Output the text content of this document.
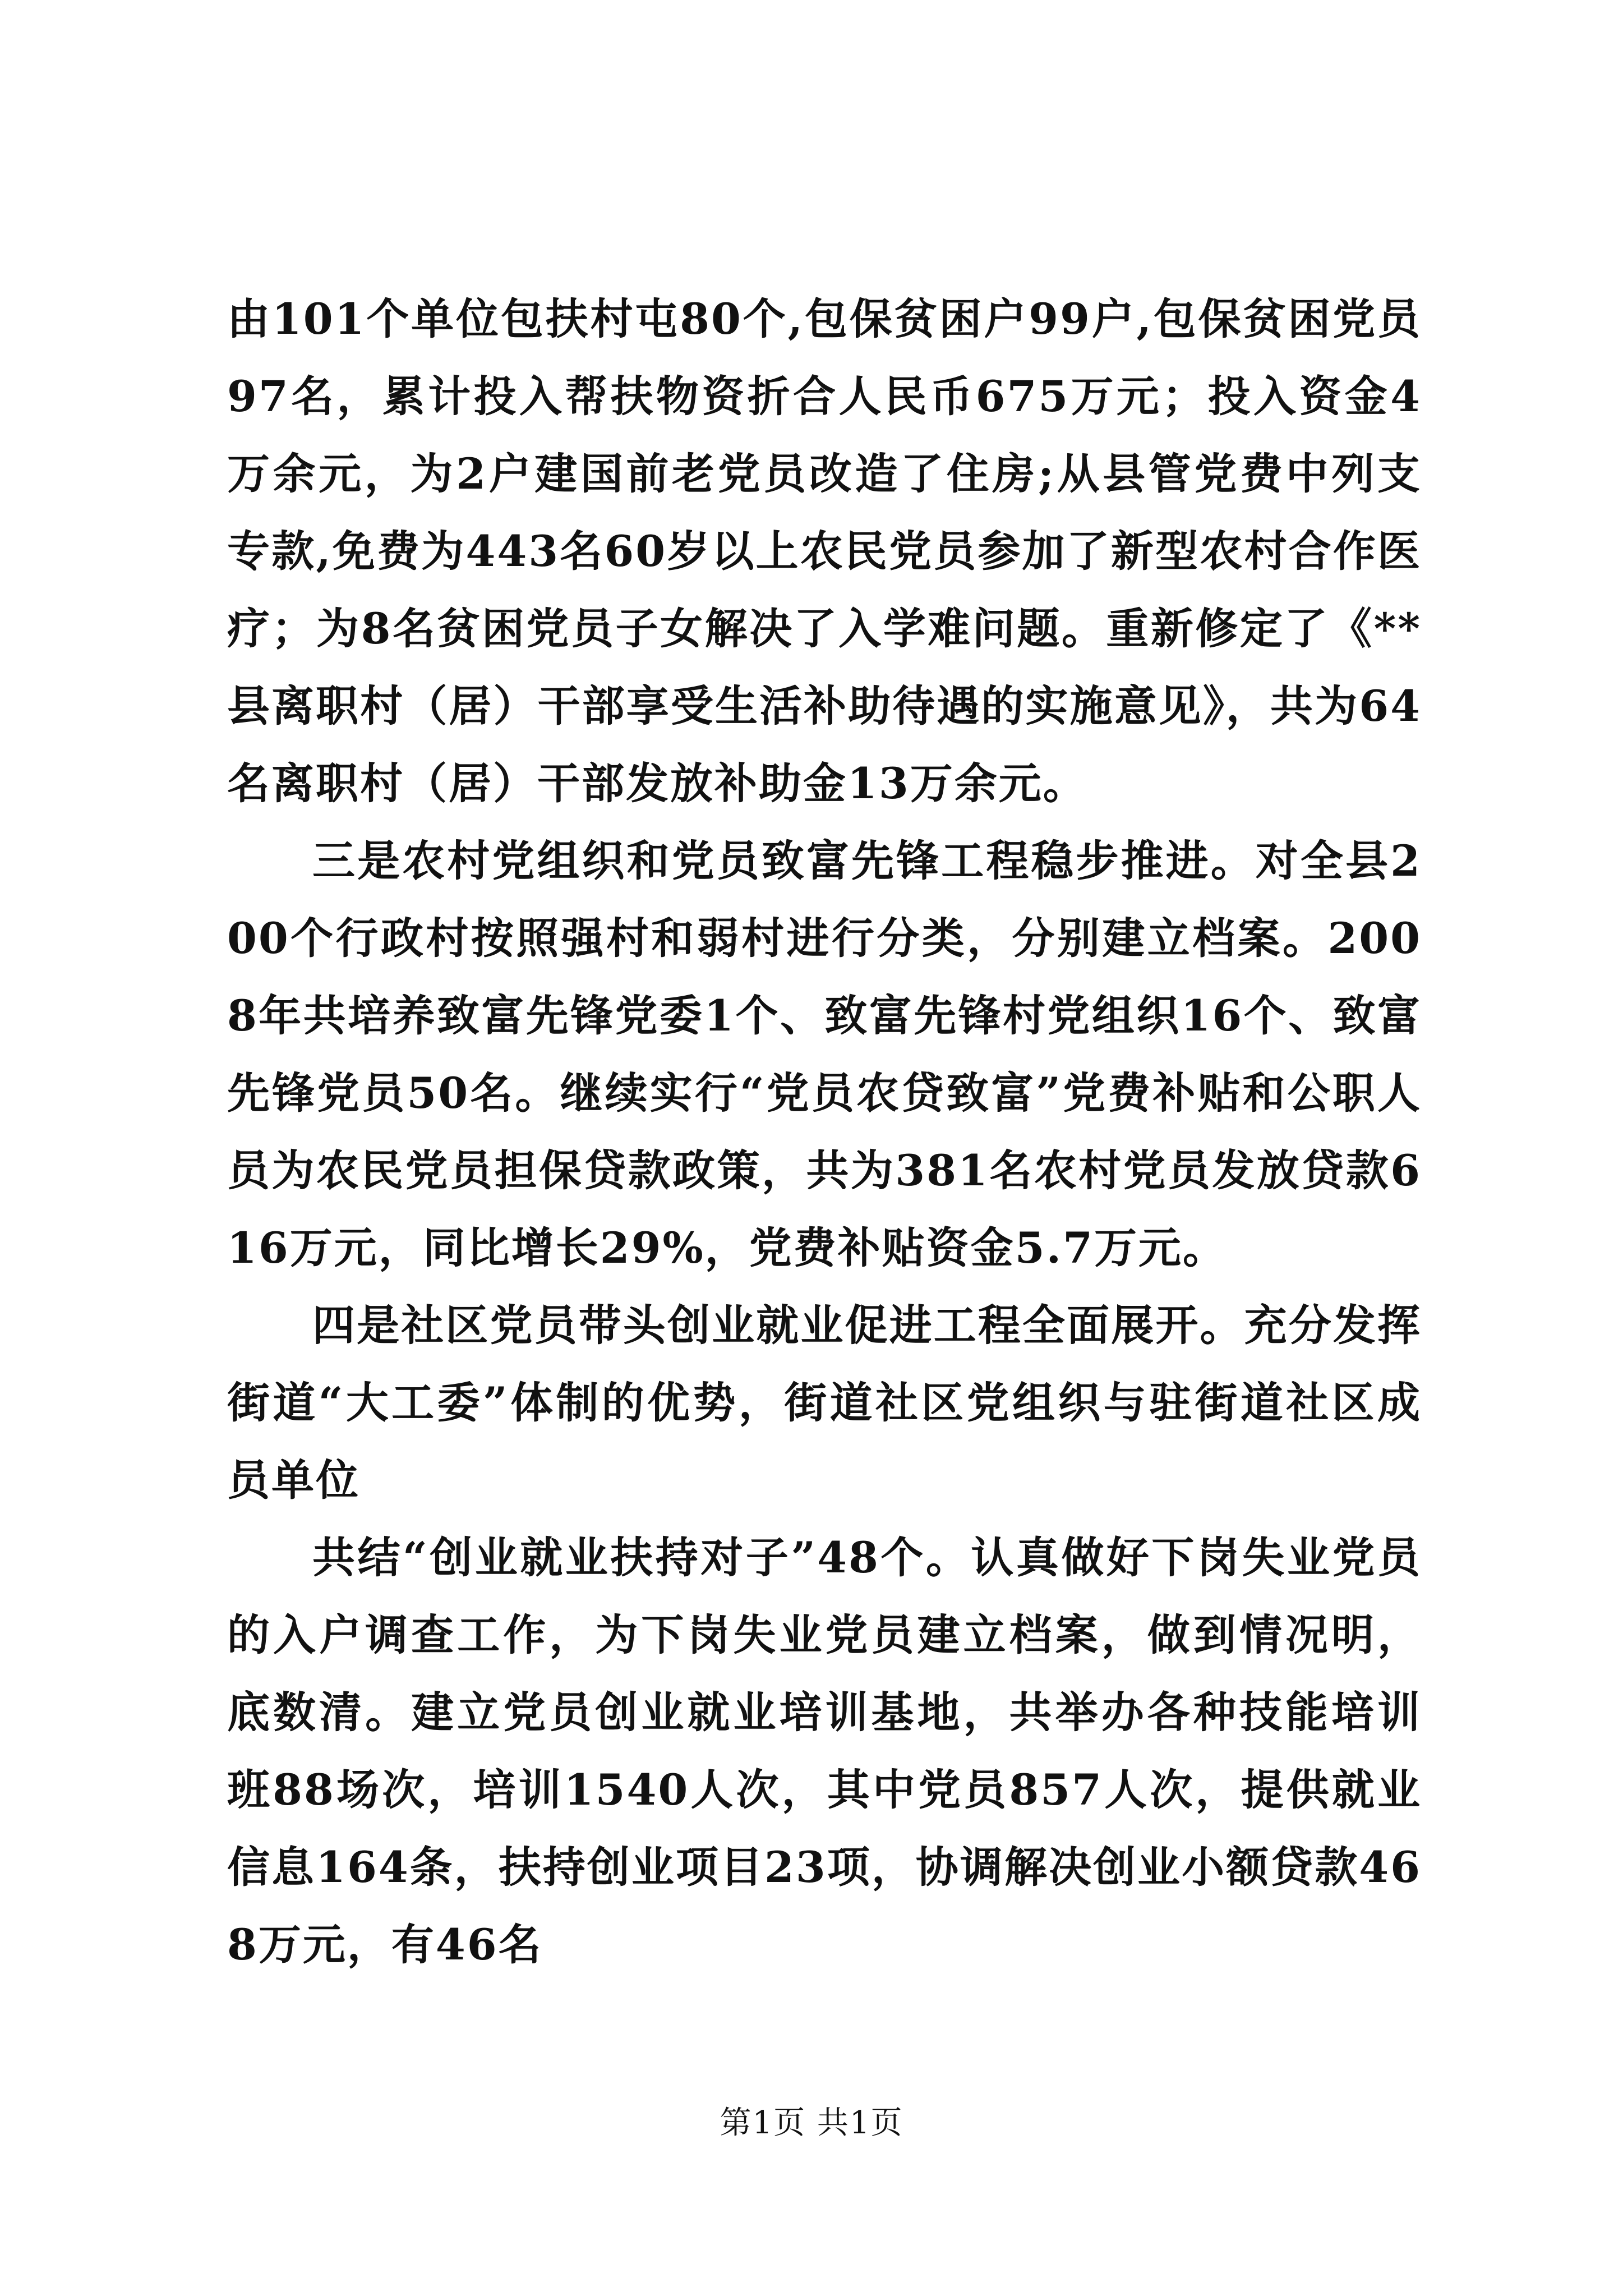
由101个单位包扶村屯80个,包保贫困户99户,包保贫困党员97名，累计投入帮扶物资折合人民币675万元；投入资金4万余元，为2户建国前老党员改造了住房;从县管党费中列支专款,免费为443名60岁以上农民党员参加了新型农村合作医疗；为8名贫困党员子女解决了入学难问题。重新修定了《**县离职村（居）干部享受生活补助待遇的实施意见》，共为64名离职村（居）干部发放补助金13万余元。

三是农村党组织和党员致富先锋工程稳步推进。对全县200个行政村按照强村和弱村进行分类，分别建立档案。2008年共培养致富先锋党委1个、致富先锋村党组织16个、致富先锋党员50名。继续实行“党员农贷致富”党费补贴和公职人员为农民党员担保贷款政策，共为381名农村党员发放贷款616万元，同比增长29%，党费补贴资金5.7万元。

四是社区党员带头创业就业促进工程全面展开。充分发挥街道“大工委”体制的优势，街道社区党组织与驻街道社区成员单位

共结“创业就业扶持对子”48个。认真做好下岗失业党员的入户调查工作，为下岗失业党员建立档案，做到情况明，底数清。建立党员创业就业培训基地，共举办各种技能培训班88场次，培训1540人次，其中党员857人次，提供就业信息164条，扶持创业项目23项，协调解决创业小额贷款468万元，有46名

第1页 共1页
